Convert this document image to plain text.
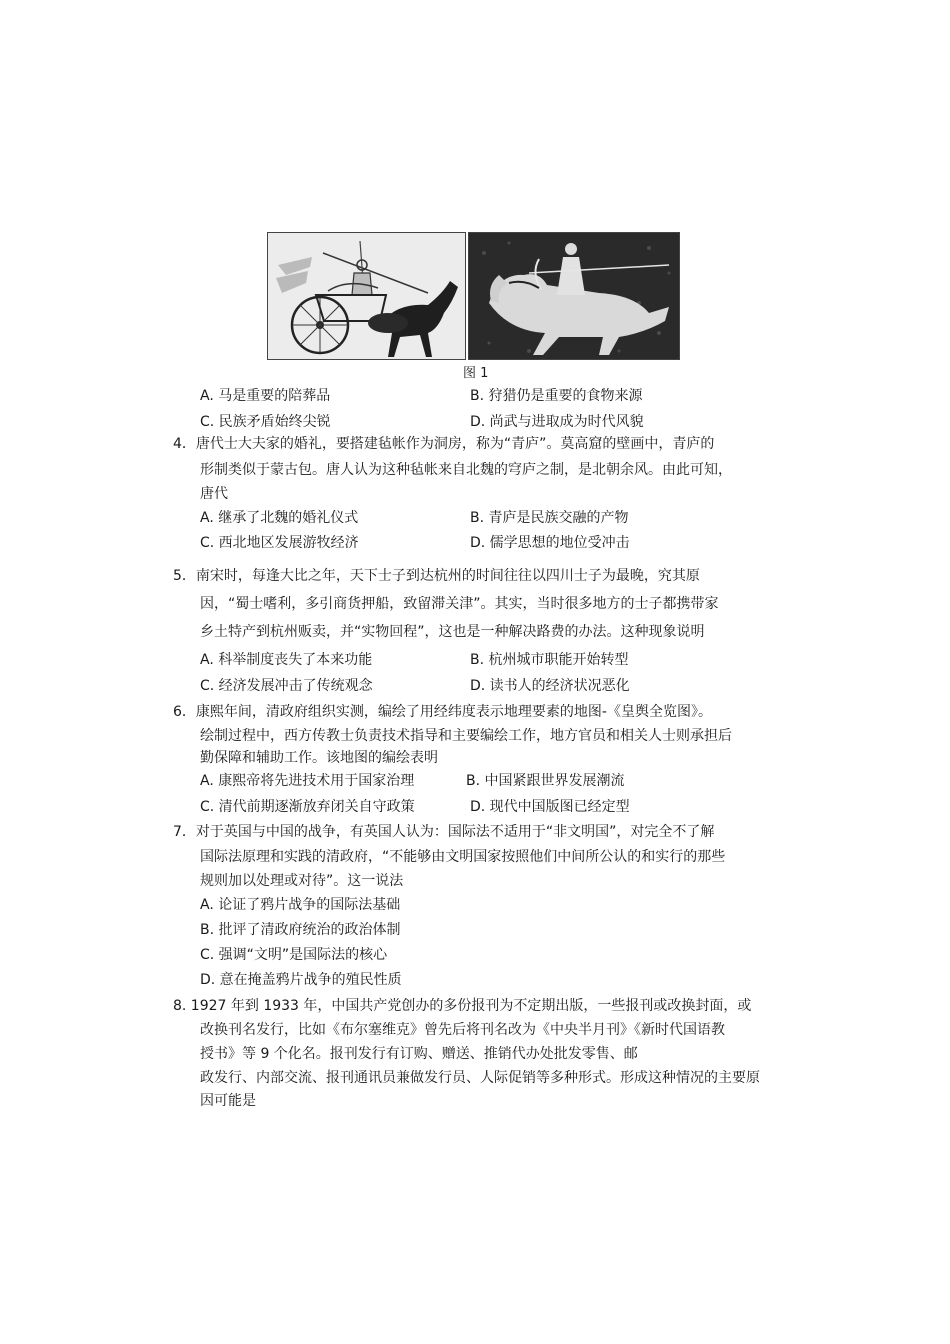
图 1
A. 马是重要的陪葬品	B. 狩猎仍是重要的食物来源
C. 民族矛盾始终尖锐	D. 尚武与进取成为时代风貌
4．唐代士大夫家的婚礼，要搭建毡帐作为洞房，称为“青庐”。莫高窟的壁画中，青庐的
形制类似于蒙古包。唐人认为这种毡帐来自北魏的穹庐之制，是北朝余风。由此可知，
唐代
A. 继承了北魏的婚礼仪式	B. 青庐是民族交融的产物
C. 西北地区发展游牧经济	D. 儒学思想的地位受冲击
5．南宋时，每逢大比之年，天下士子到达杭州的时间往往以四川士子为最晚，究其原
因，“蜀士嗜利，多引商货押船，致留滞关津”。其实，当时很多地方的士子都携带家
乡土特产到杭州贩卖，并“实物回程”，这也是一种解决路费的办法。这种现象说明
A. 科举制度丧失了本来功能	B. 杭州城市职能开始转型
C. 经济发展冲击了传统观念	D. 读书人的经济状况恶化
6．康熙年间，清政府组织实测，编绘了用经纬度表示地理要素的地图-《皇舆全览图》。
绘制过程中，西方传教士负责技术指导和主要编绘工作，地方官员和相关人士则承担后
勤保障和辅助工作。该地图的编绘表明
A. 康熙帝将先进技术用于国家治理	B. 中国紧跟世界发展潮流
C. 清代前期逐渐放弃闭关自守政策	D. 现代中国版图已经定型
7．对于英国与中国的战争，有英国人认为：国际法不适用于“非文明国”，对完全不了解
国际法原理和实践的清政府，“不能够由文明国家按照他们中间所公认的和实行的那些
规则加以处理或对待”。这一说法
A. 论证了鸦片战争的国际法基础
B. 批评了清政府统治的政治体制
C. 强调“文明”是国际法的核心
D. 意在掩盖鸦片战争的殖民性质
8. 1927 年到 1933 年，中国共产党创办的多份报刊为不定期出版，一些报刊或改换封面，或
改换刊名发行，比如《布尔塞维克》曾先后将刊名改为《中央半月刊》《新时代国语教
授书》等 9 个化名。报刊发行有订购、赠送、推销代办处批发零售、邮
政发行、内部交流、报刊通讯员兼做发行员、人际促销等多种形式。形成这种情况的主要原
因可能是
